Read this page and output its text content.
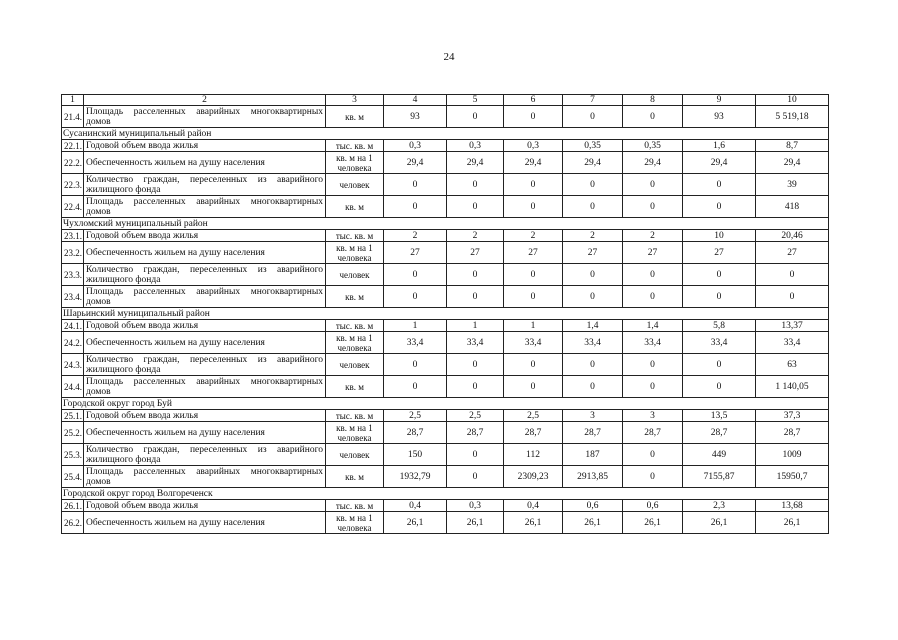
24
1	2	3	4	5	6	7	8	9	10
21.4.	Площадь расселенных аварийных многоквартирных домов	кв. м	93	0	0	0	0	93	5 519,18
Сусанинский муниципальный район									
22.1.	Годовой объем ввода жилья	тыс. кв. м	0,3	0,3	0,3	0,35	0,35	1,6	8,7
22.2.	Обеспеченность жильем на душу населения	кв. м на 1 человека	29,4	29,4	29,4	29,4	29,4	29,4	29,4
22.3.	Количество граждан, переселенных из аварийного жилищного фонда	человек	0	0	0	0	0	0	39
22.4.	Площадь расселенных аварийных многоквартирных домов	кв. м	0	0	0	0	0	0	418
Чухломский муниципальный район									
23.1.	Годовой объем ввода жилья	тыс. кв. м	2	2	2	2	2	10	20,46
23.2.	Обеспеченность жильем на душу населения	кв. м на 1 человека	27	27	27	27	27	27	27
23.3.	Количество граждан, переселенных из аварийного жилищного фонда	человек	0	0	0	0	0	0	0
23.4.	Площадь расселенных аварийных многоквартирных домов	кв. м	0	0	0	0	0	0	0
Шарьинский муниципальный район									
24.1.	Годовой объем ввода жилья	тыс. кв. м	1	1	1	1,4	1,4	5,8	13,37
24.2.	Обеспеченность жильем на душу населения	кв. м на 1 человека	33,4	33,4	33,4	33,4	33,4	33,4	33,4
24.3.	Количество граждан, переселенных из аварийного жилищного фонда	человек	0	0	0	0	0	0	63
24.4.	Площадь расселенных аварийных многоквартирных домов	кв. м	0	0	0	0	0	0	1 140,05
Городской округ город Буй									
25.1.	Годовой объем ввода жилья	тыс. кв. м	2,5	2,5	2,5	3	3	13,5	37,3
25.2.	Обеспеченность жильем на душу населения	кв. м на 1 человека	28,7	28,7	28,7	28,7	28,7	28,7	28,7
25.3.	Количество граждан, переселенных из аварийного жилищного фонда	человек	150	0	112	187	0	449	1009
25.4.	Площадь расселенных аварийных многоквартирных домов	кв. м	1932,79	0	2309,23	2913,85	0	7155,87	15950,7
Городской округ город Волгореченск									
26.1.	Годовой объем ввода жилья	тыс. кв. м	0,4	0,3	0,4	0,6	0,6	2,3	13,68
26.2.	Обеспеченность жильем на душу населения	кв. м на 1 человека	26,1	26,1	26,1	26,1	26,1	26,1	26,1
